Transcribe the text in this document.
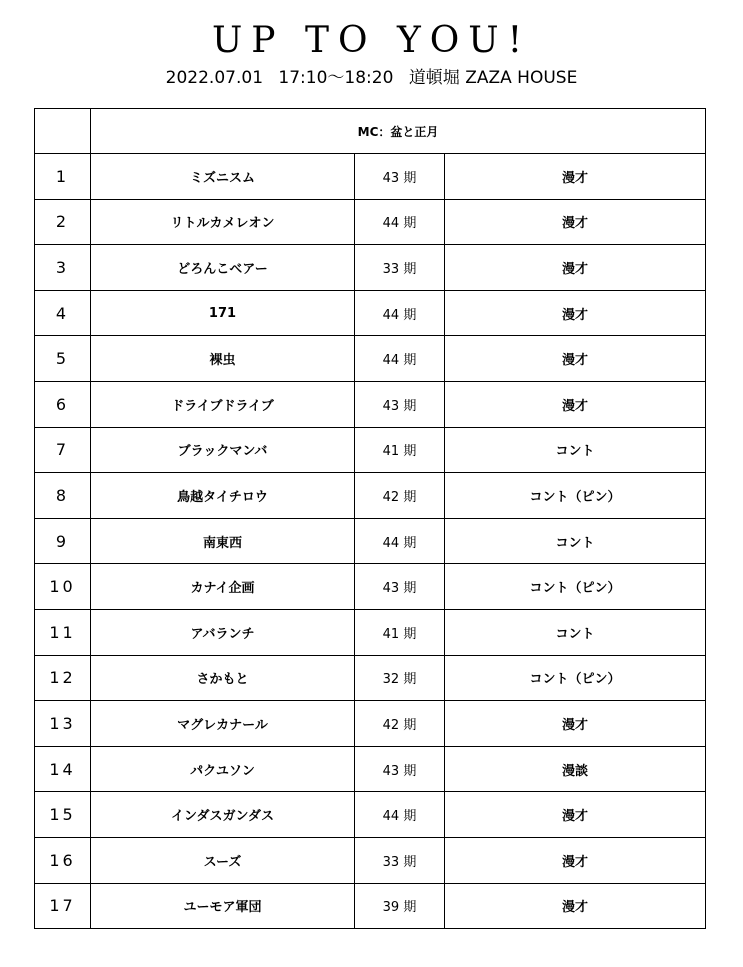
UP TO YOU!
2022.07.01 17:10〜18:20 道頓堀 ZAZA HOUSE
	MC：盆と正月		
1	ミズニスム	43 期	漫才
2	リトルカメレオン	44 期	漫才
3	どろんこベアー	33 期	漫才
4	171	44 期	漫才
5	裸虫	44 期	漫才
6	ドライブドライブ	43 期	漫才
7	ブラックマンバ	41 期	コント
8	鳥越タイチロウ	42 期	コント（ピン）
9	南東西	44 期	コント
10	カナイ企画	43 期	コント（ピン）
11	アバランチ	41 期	コント
12	さかもと	32 期	コント（ピン）
13	マグレカナール	42 期	漫才
14	パクユソン	43 期	漫談
15	インダスガンダス	44 期	漫才
16	スーズ	33 期	漫才
17	ユーモア軍団	39 期	漫才
